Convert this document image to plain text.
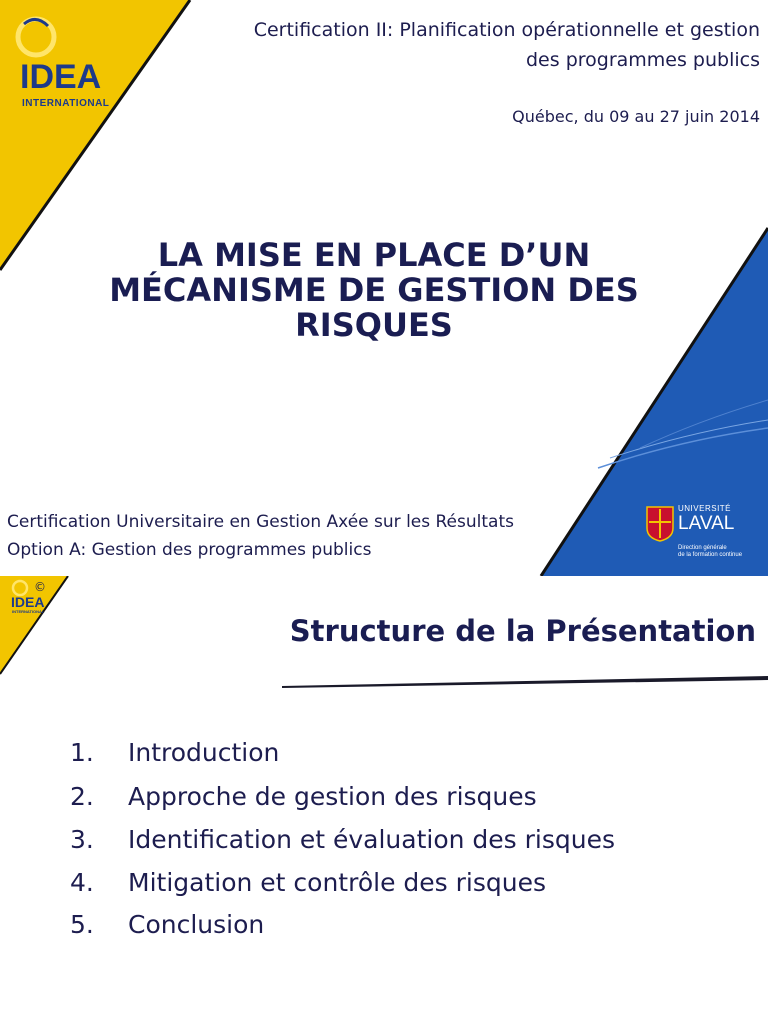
IDEA
INTERNATIONAL
Certification II: Planification opérationnelle et gestion
des programmes publics
Québec, du 09 au 27 juin 2014
LA MISE EN PLACE D’UN
MÉCANISME DE GESTION DES
RISQUES
Certification Universitaire en Gestion Axée sur les Résultats
Option A: Gestion des programmes publics
UNIVERSITÉ
LAVAL
Direction générale
de la formation continue
©
IDEA
INTERNATIONAL
Structure de la Présentation
1. Introduction
2. Approche de gestion des risques
3. Identification et évaluation des risques
4. Mitigation et contrôle des risques
5. Conclusion
